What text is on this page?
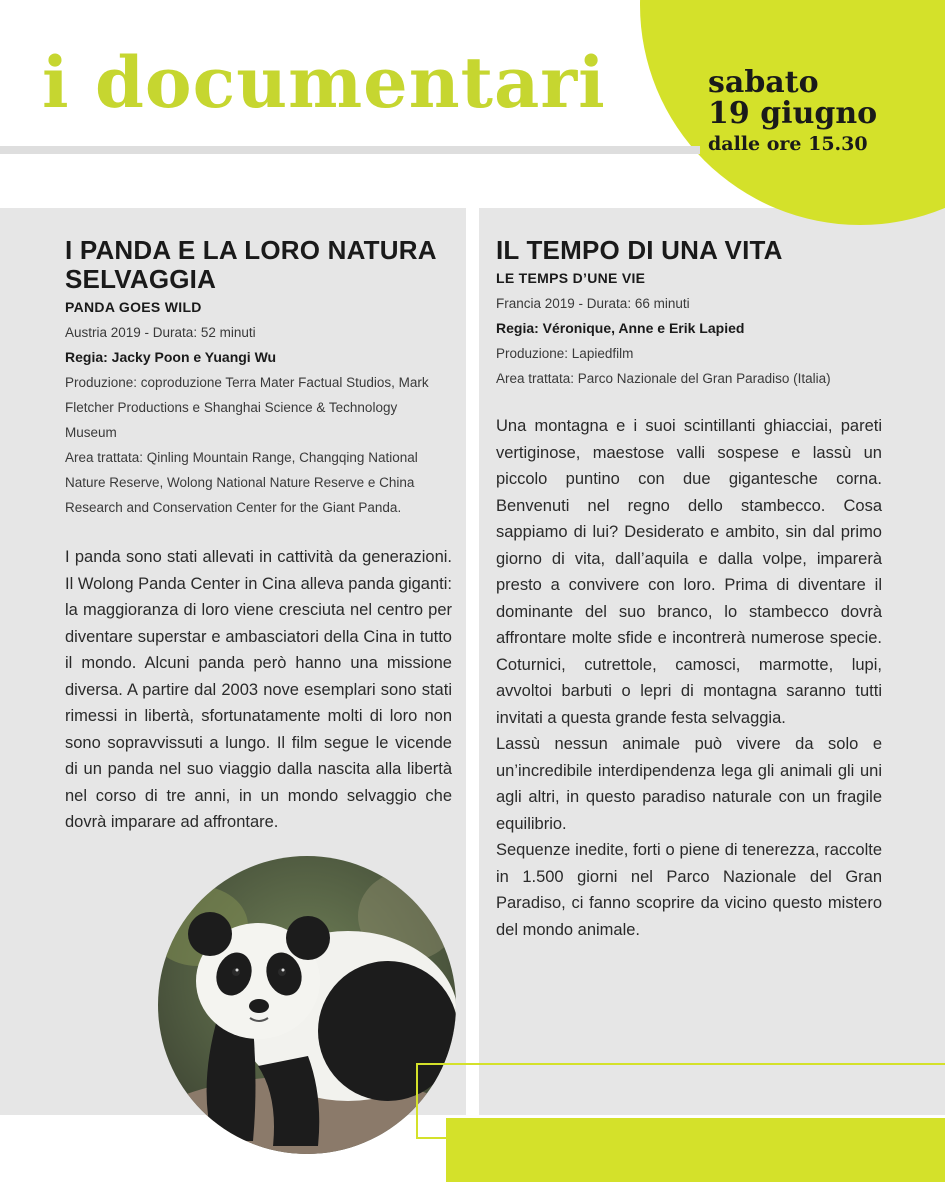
i documentari	sabato
19 giugno
dalle ore 15.30
I PANDA E LA LORO NATURA SELVAGGIA
PANDA GOES WILD
Austria 2019 - Durata: 52 minuti
Regia: Jacky Poon e Yuangi Wu
Produzione: coproduzione Terra Mater Factual Studios, Mark Fletcher Productions e Shanghai Science & Technology Museum
Area trattata: Qinling Mountain Range, Changqing National Nature Reserve, Wolong National Nature Reserve e China Research and Conservation Center for the Giant Panda.

I panda sono stati allevati in cattività da generazioni. Il Wolong Panda Center in Cina alleva panda giganti: la maggioranza di loro viene cresciuta nel centro per diventare superstar e ambasciatori della Cina in tutto il mondo. Alcuni panda però hanno una missione diversa. A partire dal 2003 nove esemplari sono stati rimessi in libertà, sfortunatamente molti di loro non sono sopravvissuti a lungo. Il film segue le vicende di un panda nel suo viaggio dalla nascita alla libertà nel corso di tre anni, in un mondo selvaggio che dovrà imparare ad affrontare.

IL TEMPO DI UNA VITA
LE TEMPS D’UNE VIE
Francia 2019 - Durata: 66 minuti
Regia: Véronique, Anne e Erik Lapied
Produzione: Lapiedfilm
Area trattata: Parco Nazionale del Gran Paradiso (Italia)

Una montagna e i suoi scintillanti ghiacciai, pareti vertiginose, maestose valli sospese e lassù un piccolo puntino con due gigantesche corna. Benvenuti nel regno dello stambecco. Cosa sappiamo di lui? Desiderato e ambito, sin dal primo giorno di vita, dall’aquila e dalla volpe, imparerà presto a convivere con loro. Prima di diventare il dominante del suo branco, lo stambecco dovrà affrontare molte sfide e incontrerà numerose specie. Coturnici, cutrettole, camosci, marmotte, lupi, avvoltoi barbuti o lepri di montagna saranno tutti invitati a questa grande festa selvaggia.

Lassù nessun animale può vivere da solo e un’incredibile interdipendenza lega gli animali gli uni agli altri, in questo paradiso naturale con un fragile equilibrio.

Sequenze inedite, forti o piene di tenerezza, raccolte in 1.500 giorni nel Parco Nazionale del Gran Paradiso, ci fanno scoprire da vicino questo mistero del mondo animale.
